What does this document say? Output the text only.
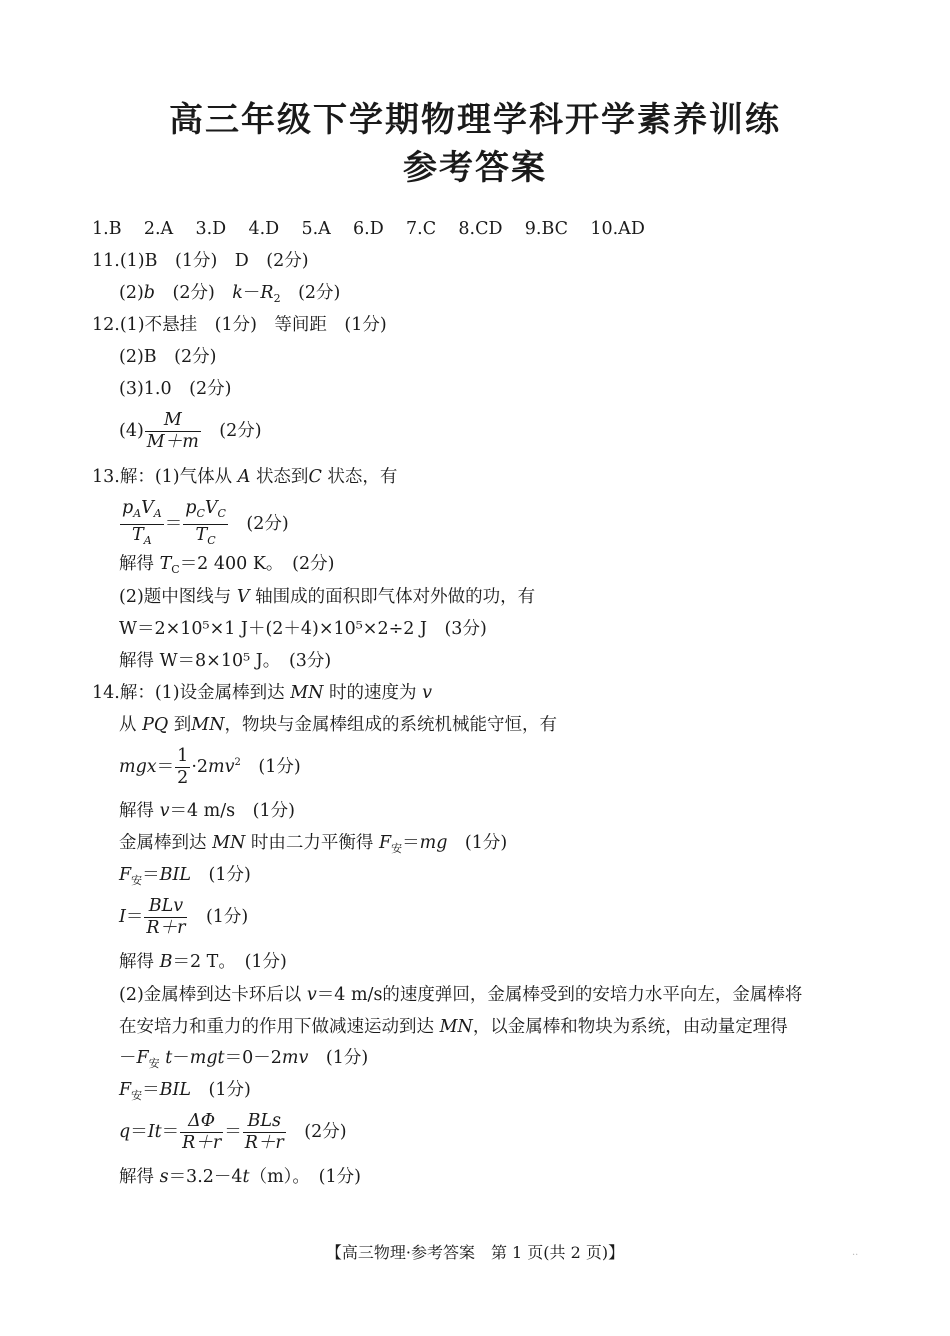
高三年级下学期物理学科开学素养训练
参考答案
1.B 2.A 3.D 4.D 5.A 6.D 7.C 8.CD 9.BC 10.AD
11.(1)B　(1分)　D　(2分)
(2)b　(2分)　$k-R_2$　(2分)
12.(1)不悬挂　(1分)　等间距　(1分)
(2)B　(2分)
(3)1.0　(2分)
$(4) \frac{M}{M+m}$ 　(2分)
13.解：(1)气体从 A 状态到C 状态，有
$\frac{p_AV_A}{T_A} = \frac{p_CV_C}{T_C}$ 　(2分)
解得 $T_C=2$ 400 K。　(2分)
(2)题中图线与 V 轴围成的面积即气体对外做的功，有
W＝2×10⁵×1 J＋(2＋4)×10⁵×2÷2 J　(3分)
解得 W＝8×10⁵ J。　(3分)
14.解：(1)设金属棒到达 MN 时的速度为 v
从 PQ 到MN，物块与金属棒组成的系统机械能守恒，有
$mgx= \frac{1}{2} \cdot 2mv^2$　(1分)
解得 v＝4 m/s　(1分)
金属棒到达 MN 时由二力平衡得 $F_安=mg$　(1分)
$F_安=BIL$　(1分)
$I= \frac{\text{BLv}}{R+r}$ 　(1分)
解得 B＝2 T。　(1分)
(2)金属棒到达卡环后以 v＝4 m/s的速度弹回，金属棒受到的安培力水平向左，金属棒将
在安培力和重力的作用下做减速运动到达 MN，以金属棒和物块为系统，由动量定理得
$-F_安$ t－mgt＝0－2mv　(1分)
$F_安=BIL$　(1分)
$q=It= \frac{\Delta\Phi}{R+r} = \frac{\text{BLs}}{R+r}$ 　(2分)
解得 s＝3.2－4t（m）。　(1分)
【高三物理·参考答案　第 1 页(共 2 页)】	··
